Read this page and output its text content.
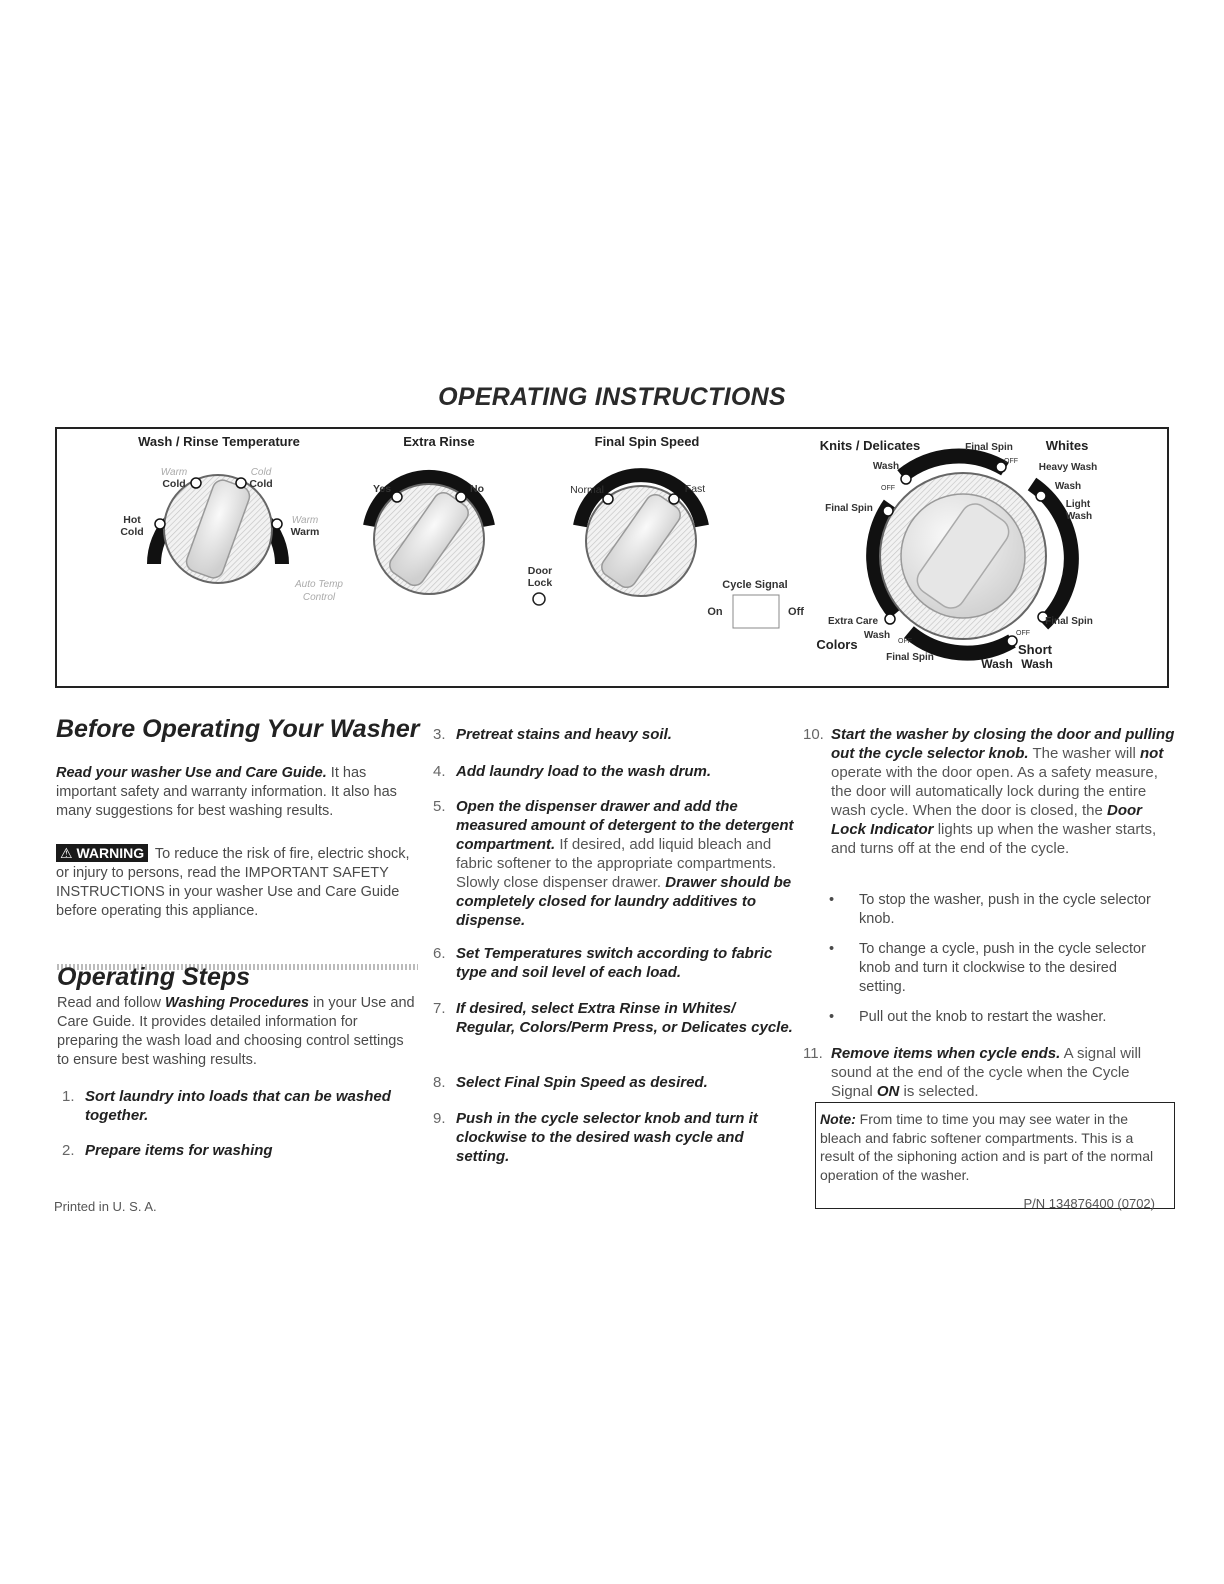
OPERATING INSTRUCTIONS
Wash / Rinse Temperature
Warm
Cold
Cold
Cold
Hot
Cold
Warm
Warm
Auto Temp
Control
Extra Rinse
Yes	No
Final Spin Speed
Normal	Fast
Door
Lock	Cycle Signal
On	Off
Knits / Delicates	Final Spin	Whites
Wash	OFF
Heavy Wash
OFF	Wash
Light
Wash
Final Spin
Extra Care
Wash
OFF
Colors
Final Spin
Final Spin
OFF
Short
Wash Wash
Before Operating Your Washer
Read your washer Use and Care Guide. It has important safety and warranty information. It also has many suggestions for best washing results.
⚠ WARNING To reduce the risk of fire, electric shock, or injury to persons, read the IMPORTANT SAFETY INSTRUCTIONS in your washer Use and Care Guide before operating this appliance.
Operating Steps
Read and follow Washing Procedures in your Use and Care Guide. It provides detailed information for preparing the wash load and choosing control settings to ensure best washing results.
1. Sort laundry into loads that can be washed together.
2. Prepare items for washing
3. Pretreat stains and heavy soil.
4. Add laundry load to the wash drum.
5. Open the dispenser drawer and add the measured amount of detergent to the detergent compartment. If desired, add liquid bleach and fabric softener to the appropriate compartments. Slowly close dispenser drawer. Drawer should be completely closed for laundry additives to dispense.
6. Set Temperatures switch according to fabric type and soil level of each load.
7. If desired, select Extra Rinse in Whites/ Regular, Colors/Perm Press, or Delicates cycle.
8. Select Final Spin Speed as desired.
9. Push in the cycle selector knob and turn it clockwise to the desired wash cycle and setting.
10. Start the washer by closing the door and pulling out the cycle selector knob. The washer will not operate with the door open. As a safety measure, the door will automatically lock during the entire wash cycle. When the door is closed, the Door Lock Indicator lights up when the washer starts, and turns off at the end of the cycle.
• To stop the washer, push in the cycle selector knob.
• To change a cycle, push in the cycle selector knob and turn it clockwise to the desired setting.
• Pull out the knob to restart the washer.
11. Remove items when cycle ends. A signal will sound at the end of the cycle when the Cycle Signal ON is selected.
Note: From time to time you may see water in the bleach and fabric softener compartments. This is a result of the siphoning action and is part of the normal operation of the washer.
Printed in U. S. A.	P/N 134876400 (0702)
